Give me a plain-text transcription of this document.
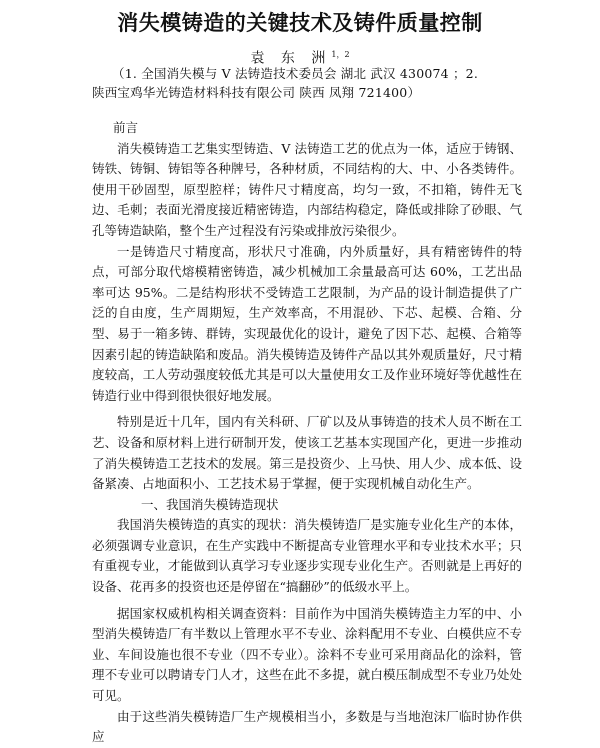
消失模铸造的关键技术及铸件质量控制
袁 东 洲$^{1,2}$
（1. 全国消失模与 V 法铸造技术委员会 湖北 武汉 430074 ；2.
陕西宝鸡华光铸造材料科技有限公司 陕西 凤翔 721400）

前言

消失模铸造工艺集实型铸造、V 法铸造工艺的优点为一体，适应于铸钢、铸铁、铸铜、铸铝等各种牌号，各种材质，不同结构的大、中、小各类铸件。使用干砂固型，原型腔样；铸件尺寸精度高，均匀一致，不扣箱，铸件无飞边、毛刺；表面光滑度接近精密铸造，内部结构稳定，降低或排除了砂眼、气孔等铸造缺陷，整个生产过程没有污染或排放污染很少。

一是铸造尺寸精度高，形状尺寸准确，内外质量好，具有精密铸件的特点，可部分取代熔模精密铸造，减少机械加工余量最高可达 60%，工艺出品率可达 95%。二是结构形状不受铸造工艺限制，为产品的设计制造提供了广泛的自由度，生产周期短，生产效率高，不用混砂、下芯、起模、合箱、分型、易于一箱多铸、群铸，实现最优化的设计，避免了因下芯、起模、合箱等因素引起的铸造缺陷和废品。消失模铸造及铸件产品以其外观质量好，尺寸精度较高，工人劳动强度较低尤其是可以大量使用女工及作业环境好等优越性在铸造行业中得到很快很好地发展。

特别是近十几年，国内有关科研、厂矿以及从事铸造的技术人员不断在工艺、设备和原材料上进行研制开发，使该工艺基本实现国产化，更进一步推动了消失模铸造工艺技术的发展。第三是投资少、上马快、用人少、成本低、设备紧凑、占地面积小、工艺技术易于掌握，便于实现机械自动化生产。

一、我国消失模铸造现状

我国消失模铸造的真实的现状：消失模铸造厂是实施专业化生产的本体，必须强调专业意识，在生产实践中不断提高专业管理水平和专业技术水平；只有重视专业，才能做到认真学习专业逐步实现专业化生产。否则就是上再好的设备、花再多的投资也还是停留在“搞翻砂”的低级水平上。

据国家权威机构相关调查资料：目前作为中国消失模铸造主力军的中、小型消失模铸造厂有半数以上管理水平不专业、涂料配用不专业、白模供应不专业、车间设施也很不专业（四不专业）。涂料不专业可采用商品化的涂料，管理不专业可以聘请专门人才，这些在此不多提，就白模压制成型不专业乃处处可见。

由于这些消失模铸造厂生产规模相当小，多数是与当地泡沫厂临时协作供应
